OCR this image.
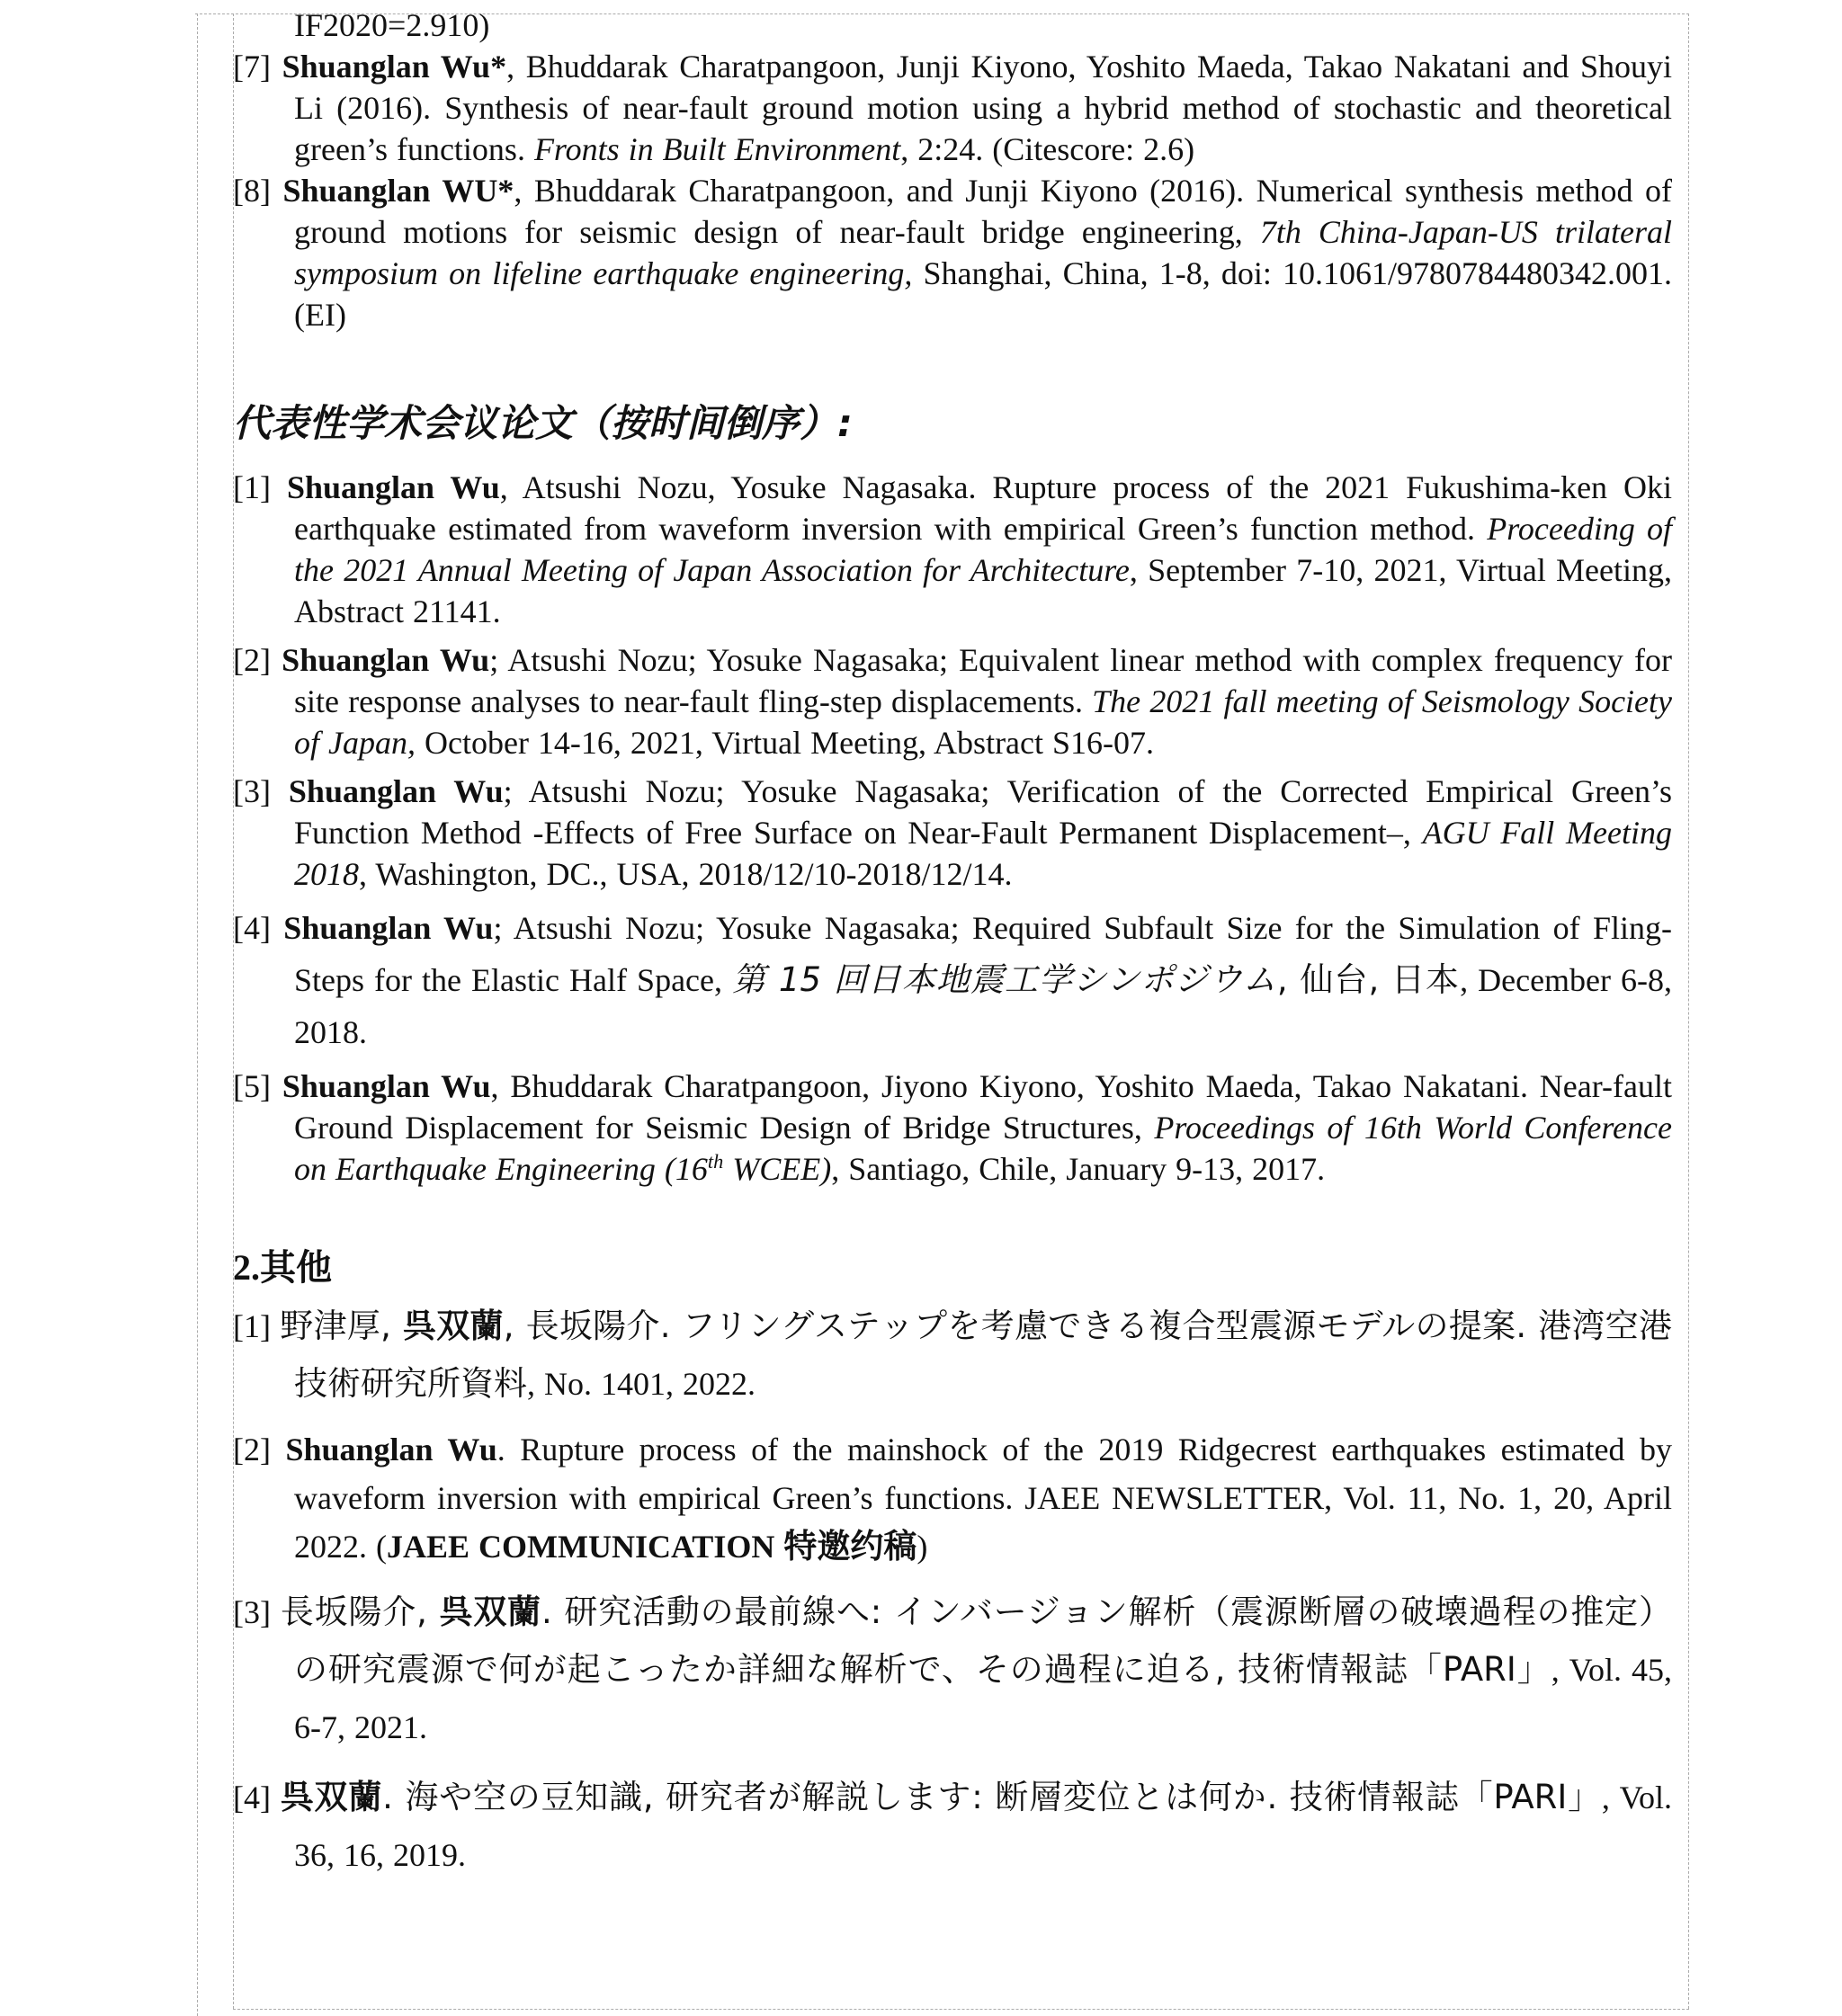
IF2020=2.910)

[7] Shuanglan Wu*, Bhuddarak Charatpangoon, Junji Kiyono, Yoshito Maeda, Takao Nakatani and Shouyi Li (2016). Synthesis of near-fault ground motion using a hybrid method of stochastic and theoretical green’s functions. Fronts in Built Environment, 2:24. (Citescore: 2.6)

[8] Shuanglan WU*, Bhuddarak Charatpangoon, and Junji Kiyono (2016). Numerical synthesis method of ground motions for seismic design of near-fault bridge engineering, 7th China-Japan-US trilateral symposium on lifeline earthquake engineering, Shanghai, China, 1-8, doi: 10.1061/9780784480342.001. (EI)

代表性学术会议论文（按时间倒序）:

[1] Shuanglan Wu, Atsushi Nozu, Yosuke Nagasaka. Rupture process of the 2021 Fukushima-ken Oki earthquake estimated from waveform inversion with empirical Green’s function method. Proceeding of the 2021 Annual Meeting of Japan Association for Architecture, September 7-10, 2021, Virtual Meeting, Abstract 21141.

[2] Shuanglan Wu; Atsushi Nozu; Yosuke Nagasaka; Equivalent linear method with complex frequency for site response analyses to near-fault fling-step displacements. The 2021 fall meeting of Seismology Society of Japan, October 14-16, 2021, Virtual Meeting, Abstract S16-07.

[3] Shuanglan Wu; Atsushi Nozu; Yosuke Nagasaka; Verification of the Corrected Empirical Green’s Function Method -Effects of Free Surface on Near-Fault Permanent Displacement–, AGU Fall Meeting 2018, Washington, DC., USA, 2018/12/10-2018/12/14.

[4] Shuanglan Wu; Atsushi Nozu; Yosuke Nagasaka; Required Subfault Size for the Simulation of Fling-Steps for the Elastic Half Space, 第 15 回日本地震工学シンポジウム, 仙台, 日本, December 6-8, 2018.

[5] Shuanglan Wu, Bhuddarak Charatpangoon, Jiyono Kiyono, Yoshito Maeda, Takao Nakatani. Near-fault Ground Displacement for Seismic Design of Bridge Structures, Proceedings of 16th World Conference on Earthquake Engineering (16th WCEE), Santiago, Chile, January 9-13, 2017.

2.其他

[1] 野津厚, 呉双蘭, 長坂陽介. フリングステップを考慮できる複合型震源モデルの提案. 港湾空港技術研究所資料, No. 1401, 2022.

[2] Shuanglan Wu. Rupture process of the mainshock of the 2019 Ridgecrest earthquakes estimated by waveform inversion with empirical Green’s functions. JAEE NEWSLETTER, Vol. 11, No. 1, 20, April 2022. (JAEE COMMUNICATION 特邀约稿)

[3] 長坂陽介, 呉双蘭. 研究活動の最前線へ: インバージョン解析（震源断層の破壊過程の推定）の研究震源で何が起こったか詳細な解析で、その過程に迫る, 技術情報誌「PARI」, Vol. 45, 6-7, 2021.

[4] 呉双蘭. 海や空の豆知識, 研究者が解説します: 断層変位とは何か. 技術情報誌「PARI」, Vol. 36, 16, 2019.
